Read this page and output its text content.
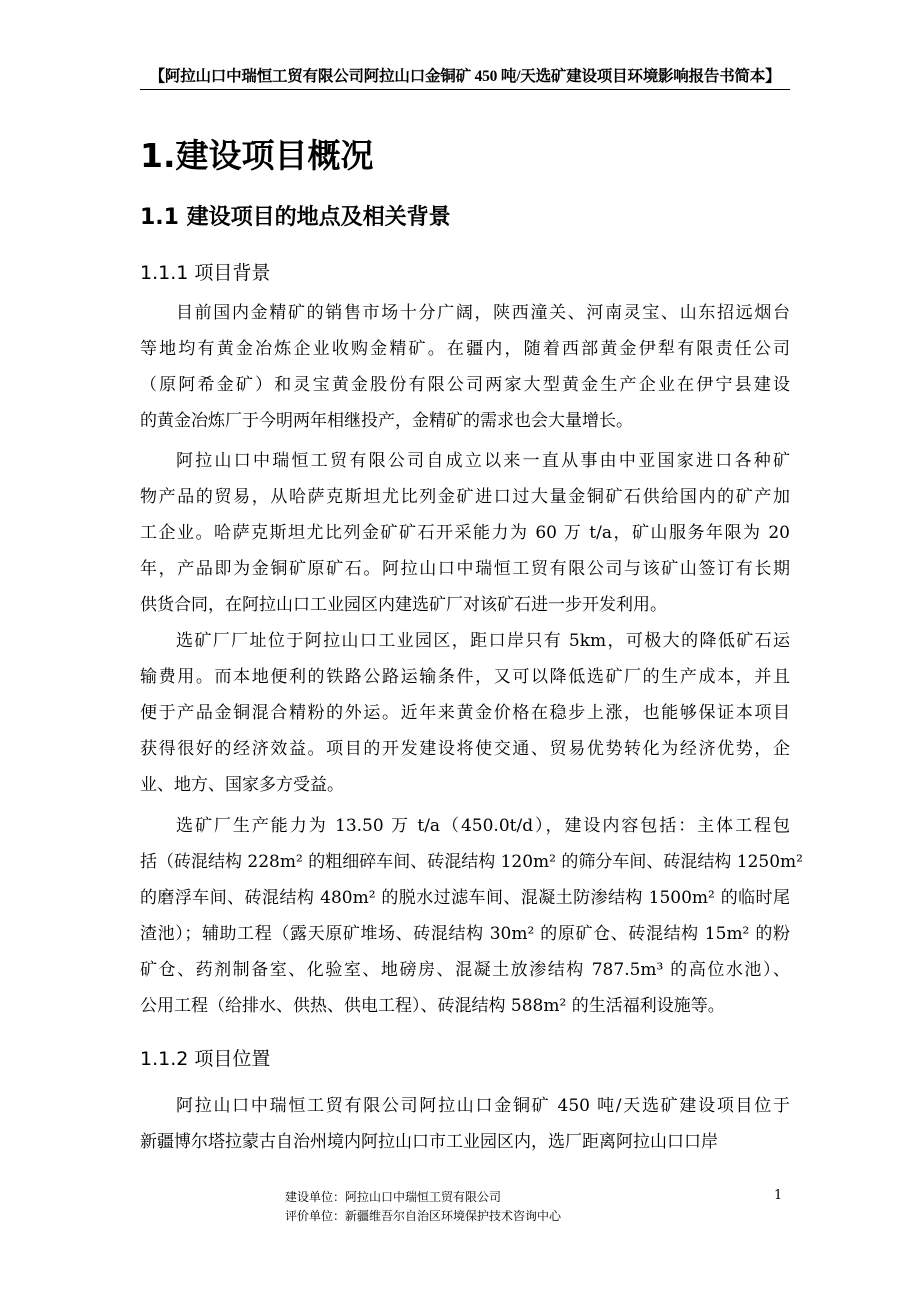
【阿拉山口中瑞恒工贸有限公司阿拉山口金铜矿 450 吨/天选矿建设项目环境影响报告书简本】
1.建设项目概况
1.1 建设项目的地点及相关背景
1.1.1 项目背景
目前国内金精矿的销售市场十分广阔，陕西潼关、河南灵宝、山东招远烟台
等地均有黄金冶炼企业收购金精矿。在疆内，随着西部黄金伊犁有限责任公司
（原阿希金矿）和灵宝黄金股份有限公司两家大型黄金生产企业在伊宁县建设
的黄金冶炼厂于今明两年相继投产，金精矿的需求也会大量增长。
阿拉山口中瑞恒工贸有限公司自成立以来一直从事由中亚国家进口各种矿
物产品的贸易，从哈萨克斯坦尤比列金矿进口过大量金铜矿石供给国内的矿产加
工企业。哈萨克斯坦尤比列金矿矿石开采能力为 60 万 t/a，矿山服务年限为 20
年，产品即为金铜矿原矿石。阿拉山口中瑞恒工贸有限公司与该矿山签订有长期
供货合同，在阿拉山口工业园区内建选矿厂对该矿石进一步开发利用。
选矿厂厂址位于阿拉山口工业园区，距口岸只有 5km，可极大的降低矿石运
输费用。而本地便利的铁路公路运输条件，又可以降低选矿厂的生产成本，并且
便于产品金铜混合精粉的外运。近年来黄金价格在稳步上涨，也能够保证本项目
获得很好的经济效益。项目的开发建设将使交通、贸易优势转化为经济优势，企
业、地方、国家多方受益。
选矿厂生产能力为 13.50 万 t/a（450.0t/d），建设内容包括：主体工程包
括（砖混结构 228m² 的粗细碎车间、砖混结构 120m² 的筛分车间、砖混结构 1250m²
的磨浮车间、砖混结构 480m² 的脱水过滤车间、混凝土防渗结构 1500m² 的临时尾
渣池）；辅助工程（露天原矿堆场、砖混结构 30m² 的原矿仓、砖混结构 15m² 的粉
矿仓、药剂制备室、化验室、地磅房、混凝土放渗结构 787.5m³ 的高位水池）、
公用工程（给排水、供热、供电工程）、砖混结构 588m² 的生活福利设施等。
1.1.2 项目位置
阿拉山口中瑞恒工贸有限公司阿拉山口金铜矿 450 吨/天选矿建设项目位于
新疆博尔塔拉蒙古自治州境内阿拉山口市工业园区内，选厂距离阿拉山口口岸
建设单位：阿拉山口中瑞恒工贸有限公司
评价单位：新疆维吾尔自治区环境保护技术咨询中心
1
